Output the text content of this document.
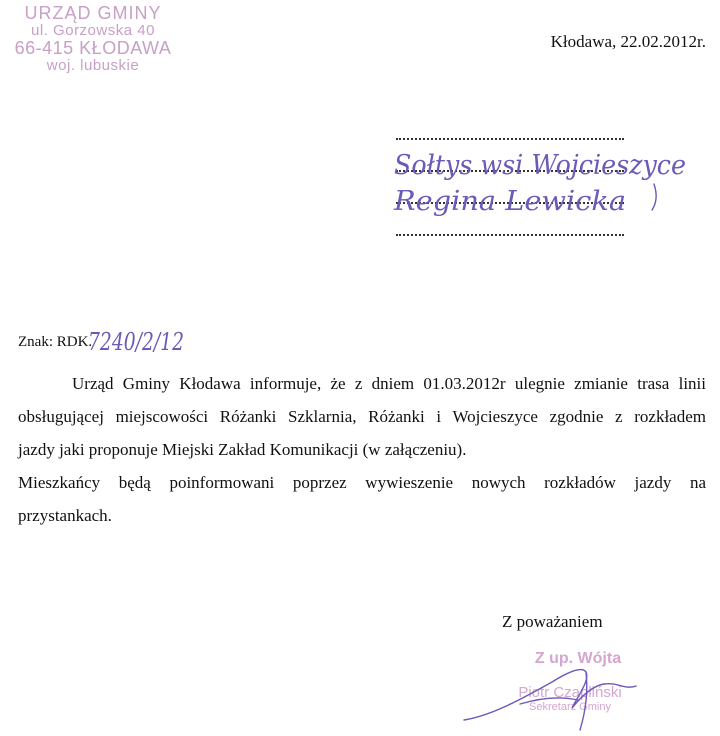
URZĄD GMINY
ul. Gorzowska 40
66-415 KŁODAWA
woj. lubuskie
Kłodawa, 22.02.2012r.
Sołtys wsi Wojcieszyce
Regina Lewicka
Znak: RDK.
7240/2/12

Urząd Gminy Kłodawa informuje, że z dniem 01.03.2012r ulegnie zmianie trasa linii
obsługującej miejscowości Różanki Szklarnia, Różanki i Wojcieszyce zgodnie z rozkładem
jazdy jaki proponuje Miejski Zakład Komunikacji (w załączeniu).

Mieszkańcy będą poinformowani poprzez wywieszenie nowych rozkładów jazdy na
przystankach.

Z poważaniem
Z up. Wójta
Piotr Czapliński
Sekretarz Gminy
